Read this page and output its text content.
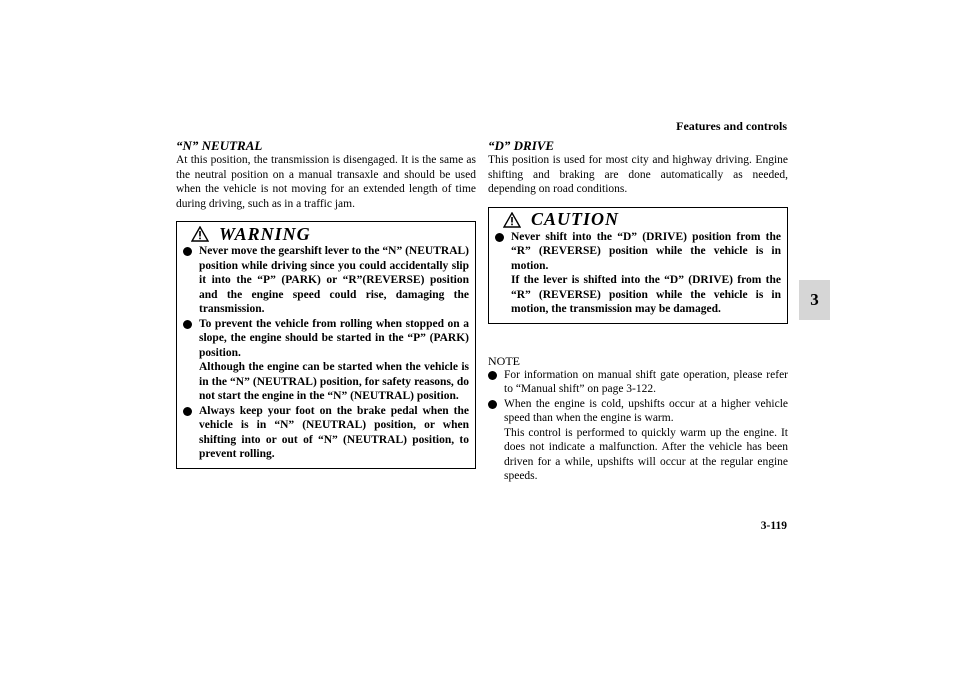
Features and controls
3
3-119
“N” NEUTRAL
At this position, the transmission is disengaged. It is the same as the neutral position on a manual transaxle and should be used when the vehicle is not moving for an extended length of time during driving, such as in a traffic jam.
WARNING
Never move the gearshift lever to the “N” (NEUTRAL) position while driving since you could accidentally slip it into the “P” (PARK) or “R”(REVERSE) position and the engine speed could rise, damaging the transmission.
To prevent the vehicle from rolling when stopped on a slope, the engine should be started in the “P” (PARK) position.
Although the engine can be started when the vehicle is in the “N” (NEUTRAL) position, for safety reasons, do not start the engine in the “N” (NEUTRAL) position.
Always keep your foot on the brake pedal when the vehicle is in “N” (NEUTRAL) position, or when shifting into or out of “N” (NEUTRAL) position, to prevent rolling.
“D” DRIVE
This position is used for most city and highway driving. Engine shifting and braking are done automatically as needed, depending on road conditions.
CAUTION
Never shift into the “D” (DRIVE) position from the “R” (REVERSE) position while the vehicle is in motion.
If the lever is shifted into the “D” (DRIVE) from the “R” (REVERSE) position while the vehicle is in motion, the transmission may be damaged.
NOTE
For information on manual shift gate operation, please refer to “Manual shift” on page 3-122.
When the engine is cold, upshifts occur at a higher vehicle speed than when the engine is warm.
This control is performed to quickly warm up the engine. It does not indicate a malfunction. After the vehicle has been driven for a while, upshifts will occur at the regular engine speeds.
